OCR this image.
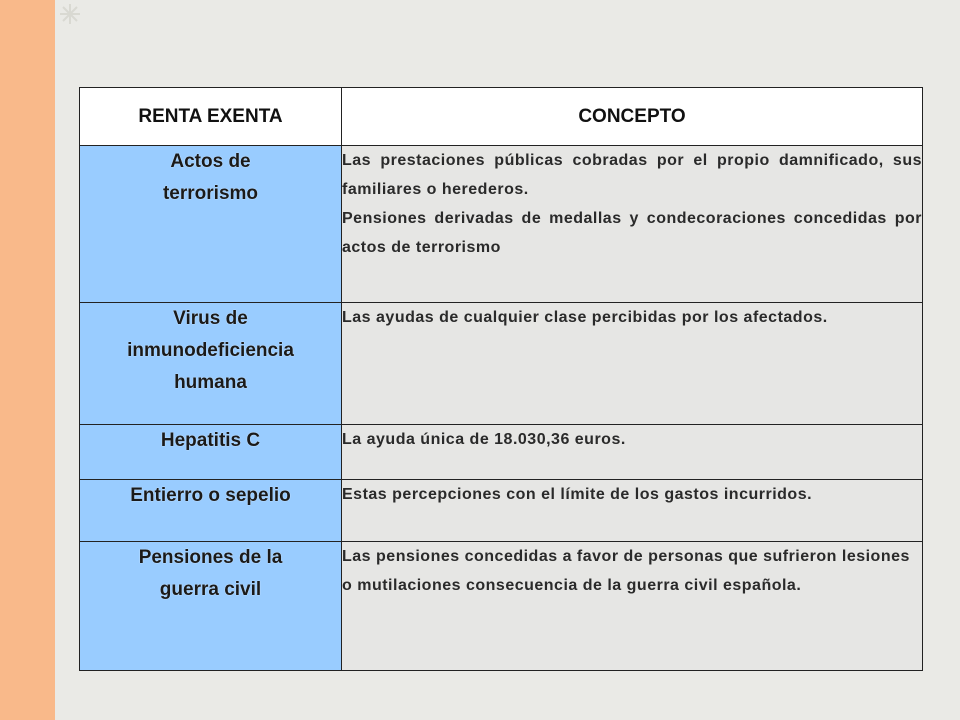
RENTA EXENTA	CONCEPTO

Actos de terrorismo	Las prestaciones públicas cobradas por el propio damnificado, sus familiares o herederos.
Pensiones derivadas de medallas y condecoraciones concedidas por actos de terrorismo

Virus de inmunodeficiencia humana	Las ayudas de cualquier clase percibidas por los afectados.

Hepatitis C	La ayuda única de 18.030,36 euros.

Entierro o sepelio	Estas percepciones con el límite de los gastos incurridos.

Pensiones de la guerra civil	Las pensiones concedidas a favor de personas que sufrieron lesiones o mutilaciones consecuencia de la guerra civil española.
